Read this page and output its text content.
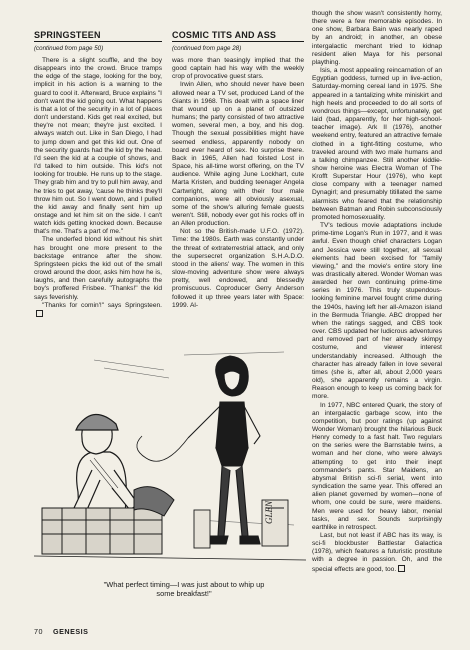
SPRINGSTEEN
(continued from page 50)

There is a slight scuffle, and the boy disappears into the crowd. Bruce tramps the edge of the stage, looking for the boy, implicit in his action is a warning to the guard to cool it. Afterward, Bruce explains "I don't want the kid going out. What happens is that a lot of the security in a lot of places don't understand. Kids get real excited, but they're not mean; they're just excited. I always watch out. Like in San Diego, I had to jump down and get this kid out. One of the security guards had the kid by the head. I'd seen the kid at a couple of shows, and I'd talked to him outside. This kid's not looking for trouble. He runs up to the stage. They grab him and try to pull him away, and he tries to get away, 'cause he thinks they'll throw him out. So I went down, and I pulled the kid away and finally sent him up onstage and let him sit on the side. I can't watch kids getting knocked down. Because that's me. That's a part of me."

The underfed blond kid without his shirt has brought one more present to the backstage entrance after the show. Springsteen picks the kid out of the small crowd around the door, asks him how he is, laughs, and then carefully autographs the boy's proffered Frisbee. "Thanks!" the kid says feverishly.

"Thanks for comin'!" says Springsteen.

COSMIC TITS AND ASS
(continued from page 28)

was more than teasingly implied that the good captain had his way with the weekly crop of provocative guest stars.

Irwin Allen, who should never have been allowed near a TV set, produced Land of the Giants in 1968. This dealt with a space liner that wound up on a planet of outsized humans; the party consisted of two attractive women, several men, a boy, and his dog. Though the sexual possibilities might have seemed endless, apparently nobody on board ever heard of sex. No surprise there. Back in 1965, Allen had foisted Lost in Space, his all-time worst offering, on the TV audience. While aging June Lockhart, cute Marta Kristen, and budding teenager Angela Cartwright, along with their four male companions, were all obviously asexual, some of the show's alluring female guests weren't. Still, nobody ever got his rocks off in an Allen production.

Not so the British-made U.F.O. (1972). Time: the 1980s. Earth was constantly under the threat of extraterrestrial attack, and only the supersecret organization S.H.A.D.O. stood in the aliens' way. The women in this slow-moving adventure show were always pretty, well endowed, and blessedly promiscuous. Coproducer Gerry Anderson followed it up three years later with Space: 1999. Al-

though the show wasn't consistently horny, there were a few memorable episodes. In one show, Barbara Bain was nearly raped by an android; in another, an obese intergalactic merchant tried to kidnap resident alien Maya for his personal plaything.

Isis, a most appealing reincarnation of an Egyptian goddess, turned up in live-action, Saturday-morning cereal land in 1975. She appeared in a tantalizing white miniskirt and high heels and proceeded to do all sorts of wondrous things—except, unfortunately, get laid (bad, apparently, for her high-school-teacher image). Ark II (1976), another weekend entry, featured an attractive female clothed in a tight-fitting costume, who traveled around with two male humans and a talking chimpanzee. Still another kiddie-show heroine was Electra Woman of The Krofft Superstar Hour (1976), who kept close company with a teenager named Dynagirl; and presumably titillated the same alarmists who feared that the relationship between Batman and Robin subconsciously promoted homosexuality.

TV's tedious movie adaptations include prime-time Logan's Run in 1977, and it was awful. Even though chief characters Logan and Jessica were still together, all sexual elements had been excised for "family viewing," and the movie's entire story line was drastically altered. Wonder Woman was awarded her own continuing prime-time series in 1976. This truly stupendous-looking feminine marvel fought crime during the 1940s, having left her all-Amazon island in the Bermuda Triangle. ABC dropped her when the ratings sagged, and CBS took over. CBS updated her ludicrous adventures and removed part of her already skimpy costume, and viewer interest understandably increased. Although the character has already fallen in love several times (she is, after all, about 2,000 years old), she apparently remains a virgin. Reason enough to keep us coming back for more.

In 1977, NBC entered Quark, the story of an intergalactic garbage scow, into the competition, but poor ratings (up against Wonder Woman) brought the hilarious Buck Henry comedy to a fast halt. Two regulars on the series were the Barnstable twins, a woman and her clone, who were always attempting to get into their inept commander's pants. Star Maidens, an abysmal British sci-fi serial, went into syndication the same year. This offered an alien planet governed by women—none of whom, one could be sure, were maidens. Men were used for heavy labor, menial tasks, and sex. Sounds surprisingly earthlike in retrospect.

Last, but not least if ABC has its way, is sci-fi blockbuster Battlestar Galactica (1978), which features a futuristic prostitute with a degree in passion. Oh, and the special effects are good, too.

GLEN
"What perfect timing—I was just about to whip up
some breakfast!"
70 GENESIS
